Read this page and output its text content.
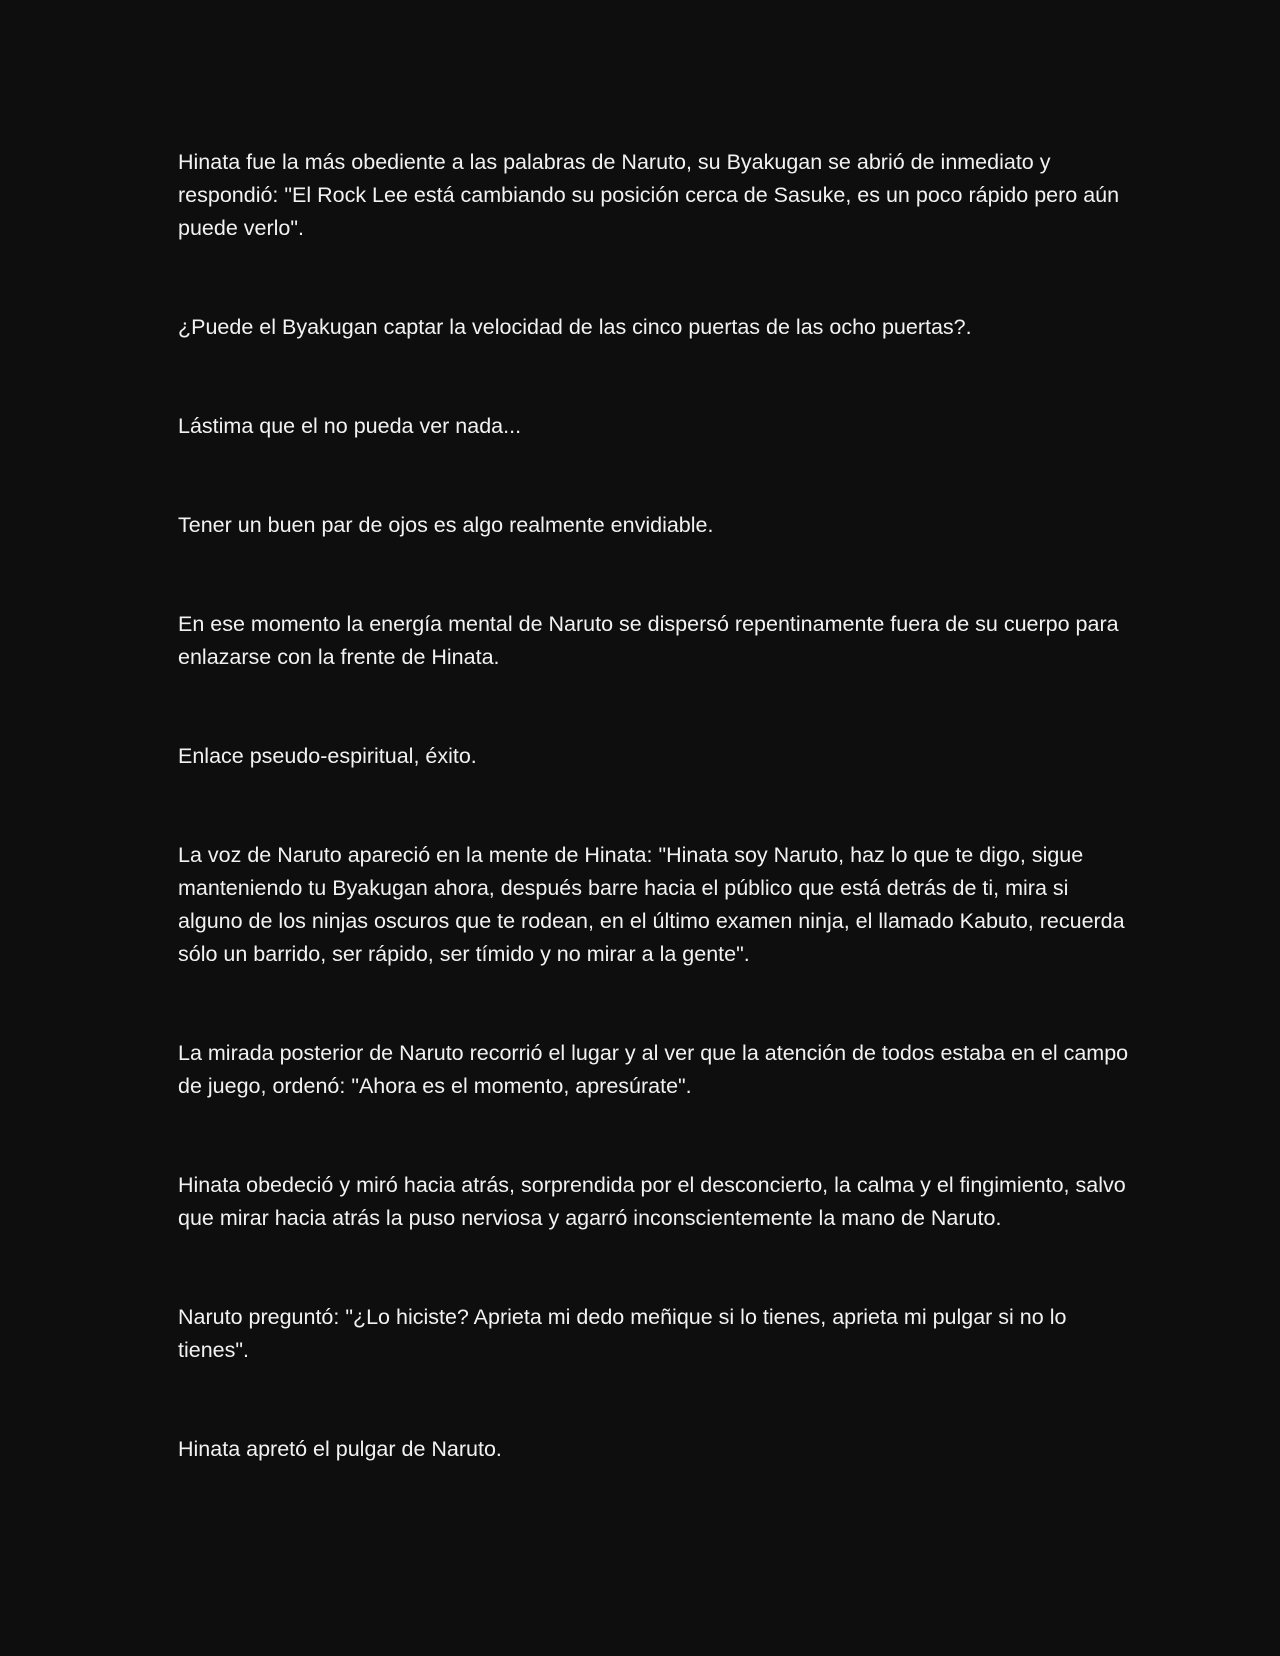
Hinata fue la más obediente a las palabras de Naruto, su Byakugan se abrió de inmediato y respondió: "El Rock Lee está cambiando su posición cerca de Sasuke, es un poco rápido pero aún puede verlo".

¿Puede el Byakugan captar la velocidad de las cinco puertas de las ocho puertas?.

Lástima que el no pueda ver nada...

Tener un buen par de ojos es algo realmente envidiable.

En ese momento la energía mental de Naruto se dispersó repentinamente fuera de su cuerpo para enlazarse con la frente de Hinata.

Enlace pseudo-espiritual, éxito.

La voz de Naruto apareció en la mente de Hinata: "Hinata soy Naruto, haz lo que te digo, sigue manteniendo tu Byakugan ahora, después barre hacia el público que está detrás de ti, mira si alguno de los ninjas oscuros que te rodean, en el último examen ninja, el llamado Kabuto, recuerda sólo un barrido, ser rápido, ser tímido y no mirar a la gente".

La mirada posterior de Naruto recorrió el lugar y al ver que la atención de todos estaba en el campo de juego, ordenó: "Ahora es el momento, apresúrate".

Hinata obedeció y miró hacia atrás, sorprendida por el desconcierto, la calma y el fingimiento, salvo que mirar hacia atrás la puso nerviosa y agarró inconscientemente la mano de Naruto.

Naruto preguntó: "¿Lo hiciste? Aprieta mi dedo meñique si lo tienes, aprieta mi pulgar si no lo tienes".

Hinata apretó el pulgar de Naruto.
